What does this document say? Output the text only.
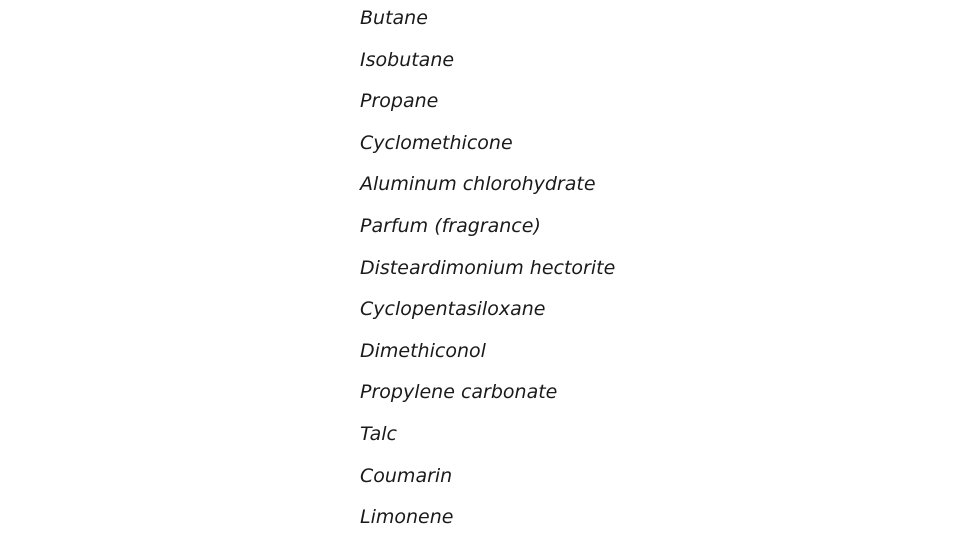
Butane
Isobutane
Propane
Cyclomethicone
Aluminum chlorohydrate
Parfum (fragrance)
Disteardimonium hectorite
Cyclopentasiloxane
Dimethiconol
Propylene carbonate
Talc
Coumarin
Limonene
